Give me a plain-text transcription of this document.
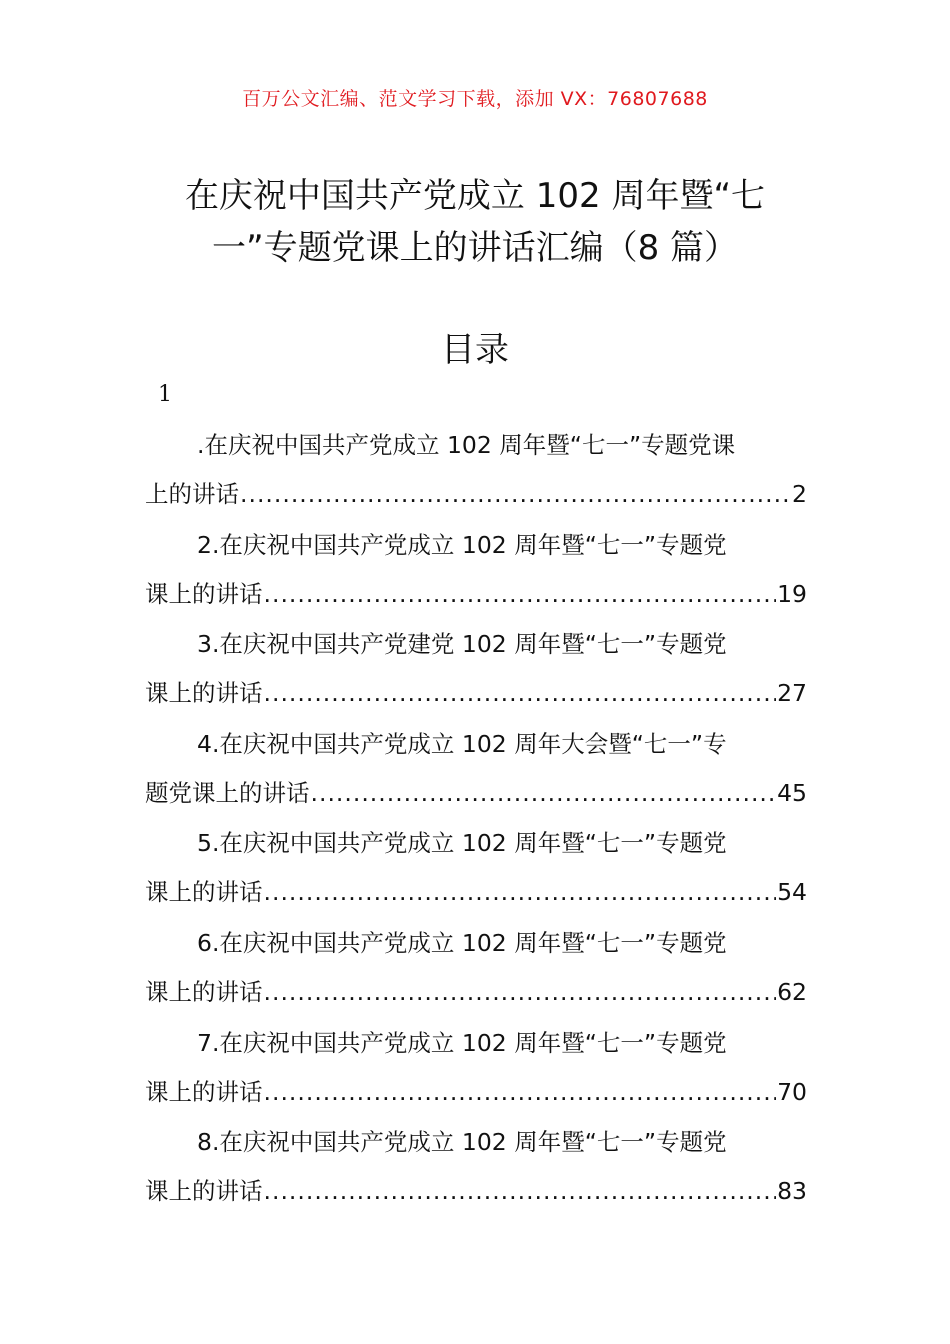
百万公文汇编、范文学习下载，添加 VX：76807688
在庆祝中国共产党成立 102 周年暨“七一”专题党课上的讲话汇编（8 篇）
目录
1
.在庆祝中国共产党成立 102 周年暨“七一”专题党课
上的讲话 .....	2
2.在庆祝中国共产党成立 102 周年暨“七一”专题党
课上的讲话 .....	19
3.在庆祝中国共产党建党 102 周年暨“七一”专题党
课上的讲话 .....	27
4.在庆祝中国共产党成立 102 周年大会暨“七一”专
题党课上的讲话 .....	45
5.在庆祝中国共产党成立 102 周年暨“七一”专题党
课上的讲话 .....	54
6.在庆祝中国共产党成立 102 周年暨“七一”专题党
课上的讲话 .....	62
7.在庆祝中国共产党成立 102 周年暨“七一”专题党
课上的讲话 .....	70
8.在庆祝中国共产党成立 102 周年暨“七一”专题党
课上的讲话 .....	83
